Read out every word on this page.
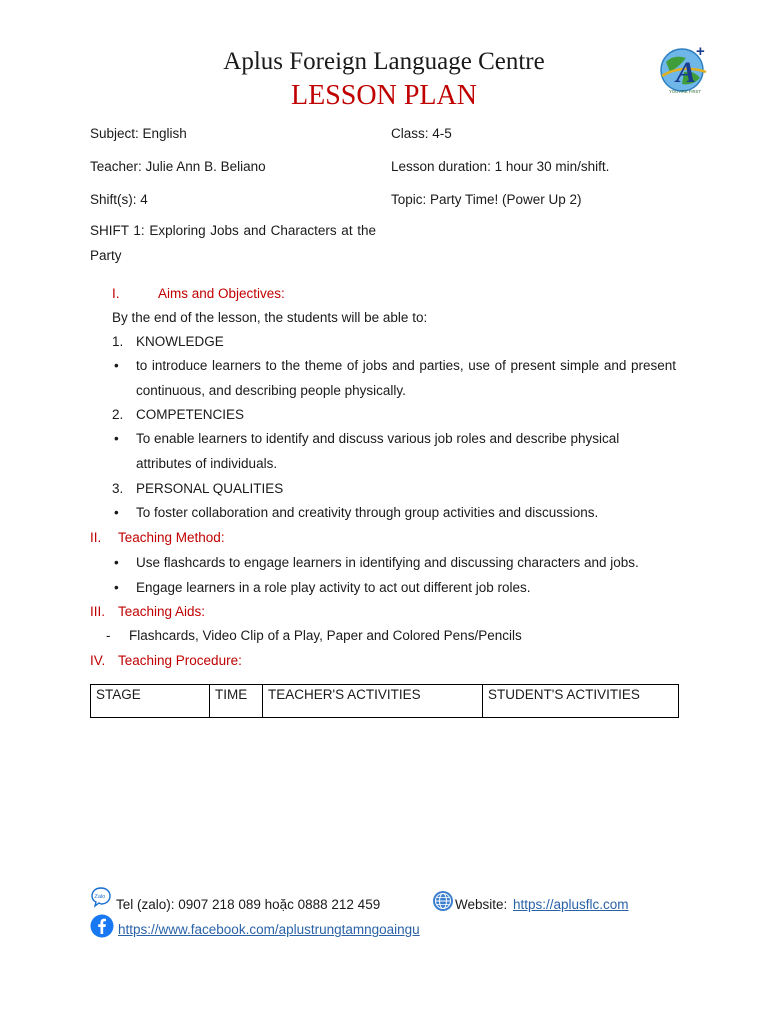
Aplus Foreign Language Centre
LESSON PLAN
A
+
YOU ARE FIRST
Subject: English	Class: 4-5
Teacher: Julie Ann B. Beliano	Lesson duration: 1 hour 30 min/shift.
Shift(s): 4	Topic: Party Time! (Power Up 2)
SHIFT 1: Exploring Jobs and Characters at the Party
I.	Aims and Objectives:
By the end of the lesson, the students will be able to:
1. KNOWLEDGE
• to introduce learners to the theme of jobs and parties, use of present simple and present continuous, and describing people physically.
2. COMPETENCIES
• To enable learners to identify and discuss various job roles and describe physical attributes of individuals.
3. PERSONAL QUALITIES
• To foster collaboration and creativity through group activities and discussions.
II. Teaching Method:
• Use flashcards to engage learners in identifying and discussing characters and jobs.
• Engage learners in a role play activity to act out different job roles.
III. Teaching Aids:
- Flashcards, Video Clip of a Play, Paper and Colored Pens/Pencils
IV. Teaching Procedure:
STAGE	TIME	TEACHER'S ACTIVITIES	STUDENT'S ACTIVITIES
Zalo Tel (zalo): 0907 218 089 hoặc 0888 212 459	Website: https://aplusflc.com
https://www.facebook.com/aplustrungtamngoaingu
